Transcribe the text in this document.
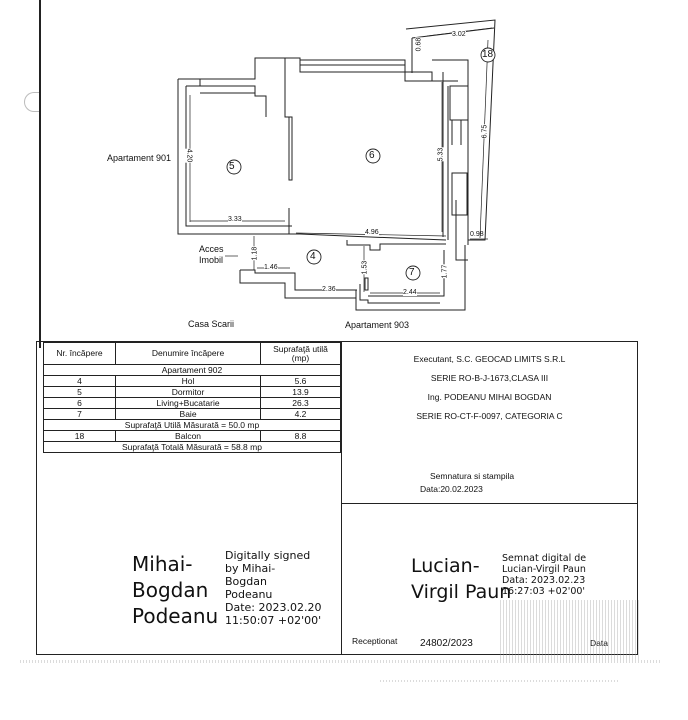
5
6
4
7
18
Apartament 901
Casa Scarii	Apartament 903
Acces
Imobil
4.20
3.33
5.33
4.96
3.02
0.68
6.75
0.98
1.18
1.46
2.36
1.53
2.44
1.77
Nr. încăpere	Denumire încăpere	Suprafaţă utilă
(mp)
Apartament 902		
4	Hol	5.6
5	Dormitor	13.9
6	Living+Bucatarie	26.3
7	Baie	4.2
Suprafaţă Utilă Măsurată = 50.0 mp		
18	Balcon	8.8
Suprafaţă Totală Măsurată = 58.8 mp		
Executant, S.C. GEOCAD LIMITS S.R.L
SERIE RO-B-J-1673,CLASA III
Ing. PODEANU MIHAI BOGDAN
SERIE RO-CT-F-0097, CATEGORIA C
Semnatura si stampila
Data:20.02.2023
Mihai-
Bogdan
Podeanu
Digitally signed
by Mihai-
Bogdan
Podeanu
Date: 2023.02.20
11:50:07 +02'00'
Lucian-
Virgil Paun
Semnat digital de
Lucian-Virgil Paun
Data: 2023.02.23
16:27:03 +02'00'
Receptionat 24802/2023	Data
